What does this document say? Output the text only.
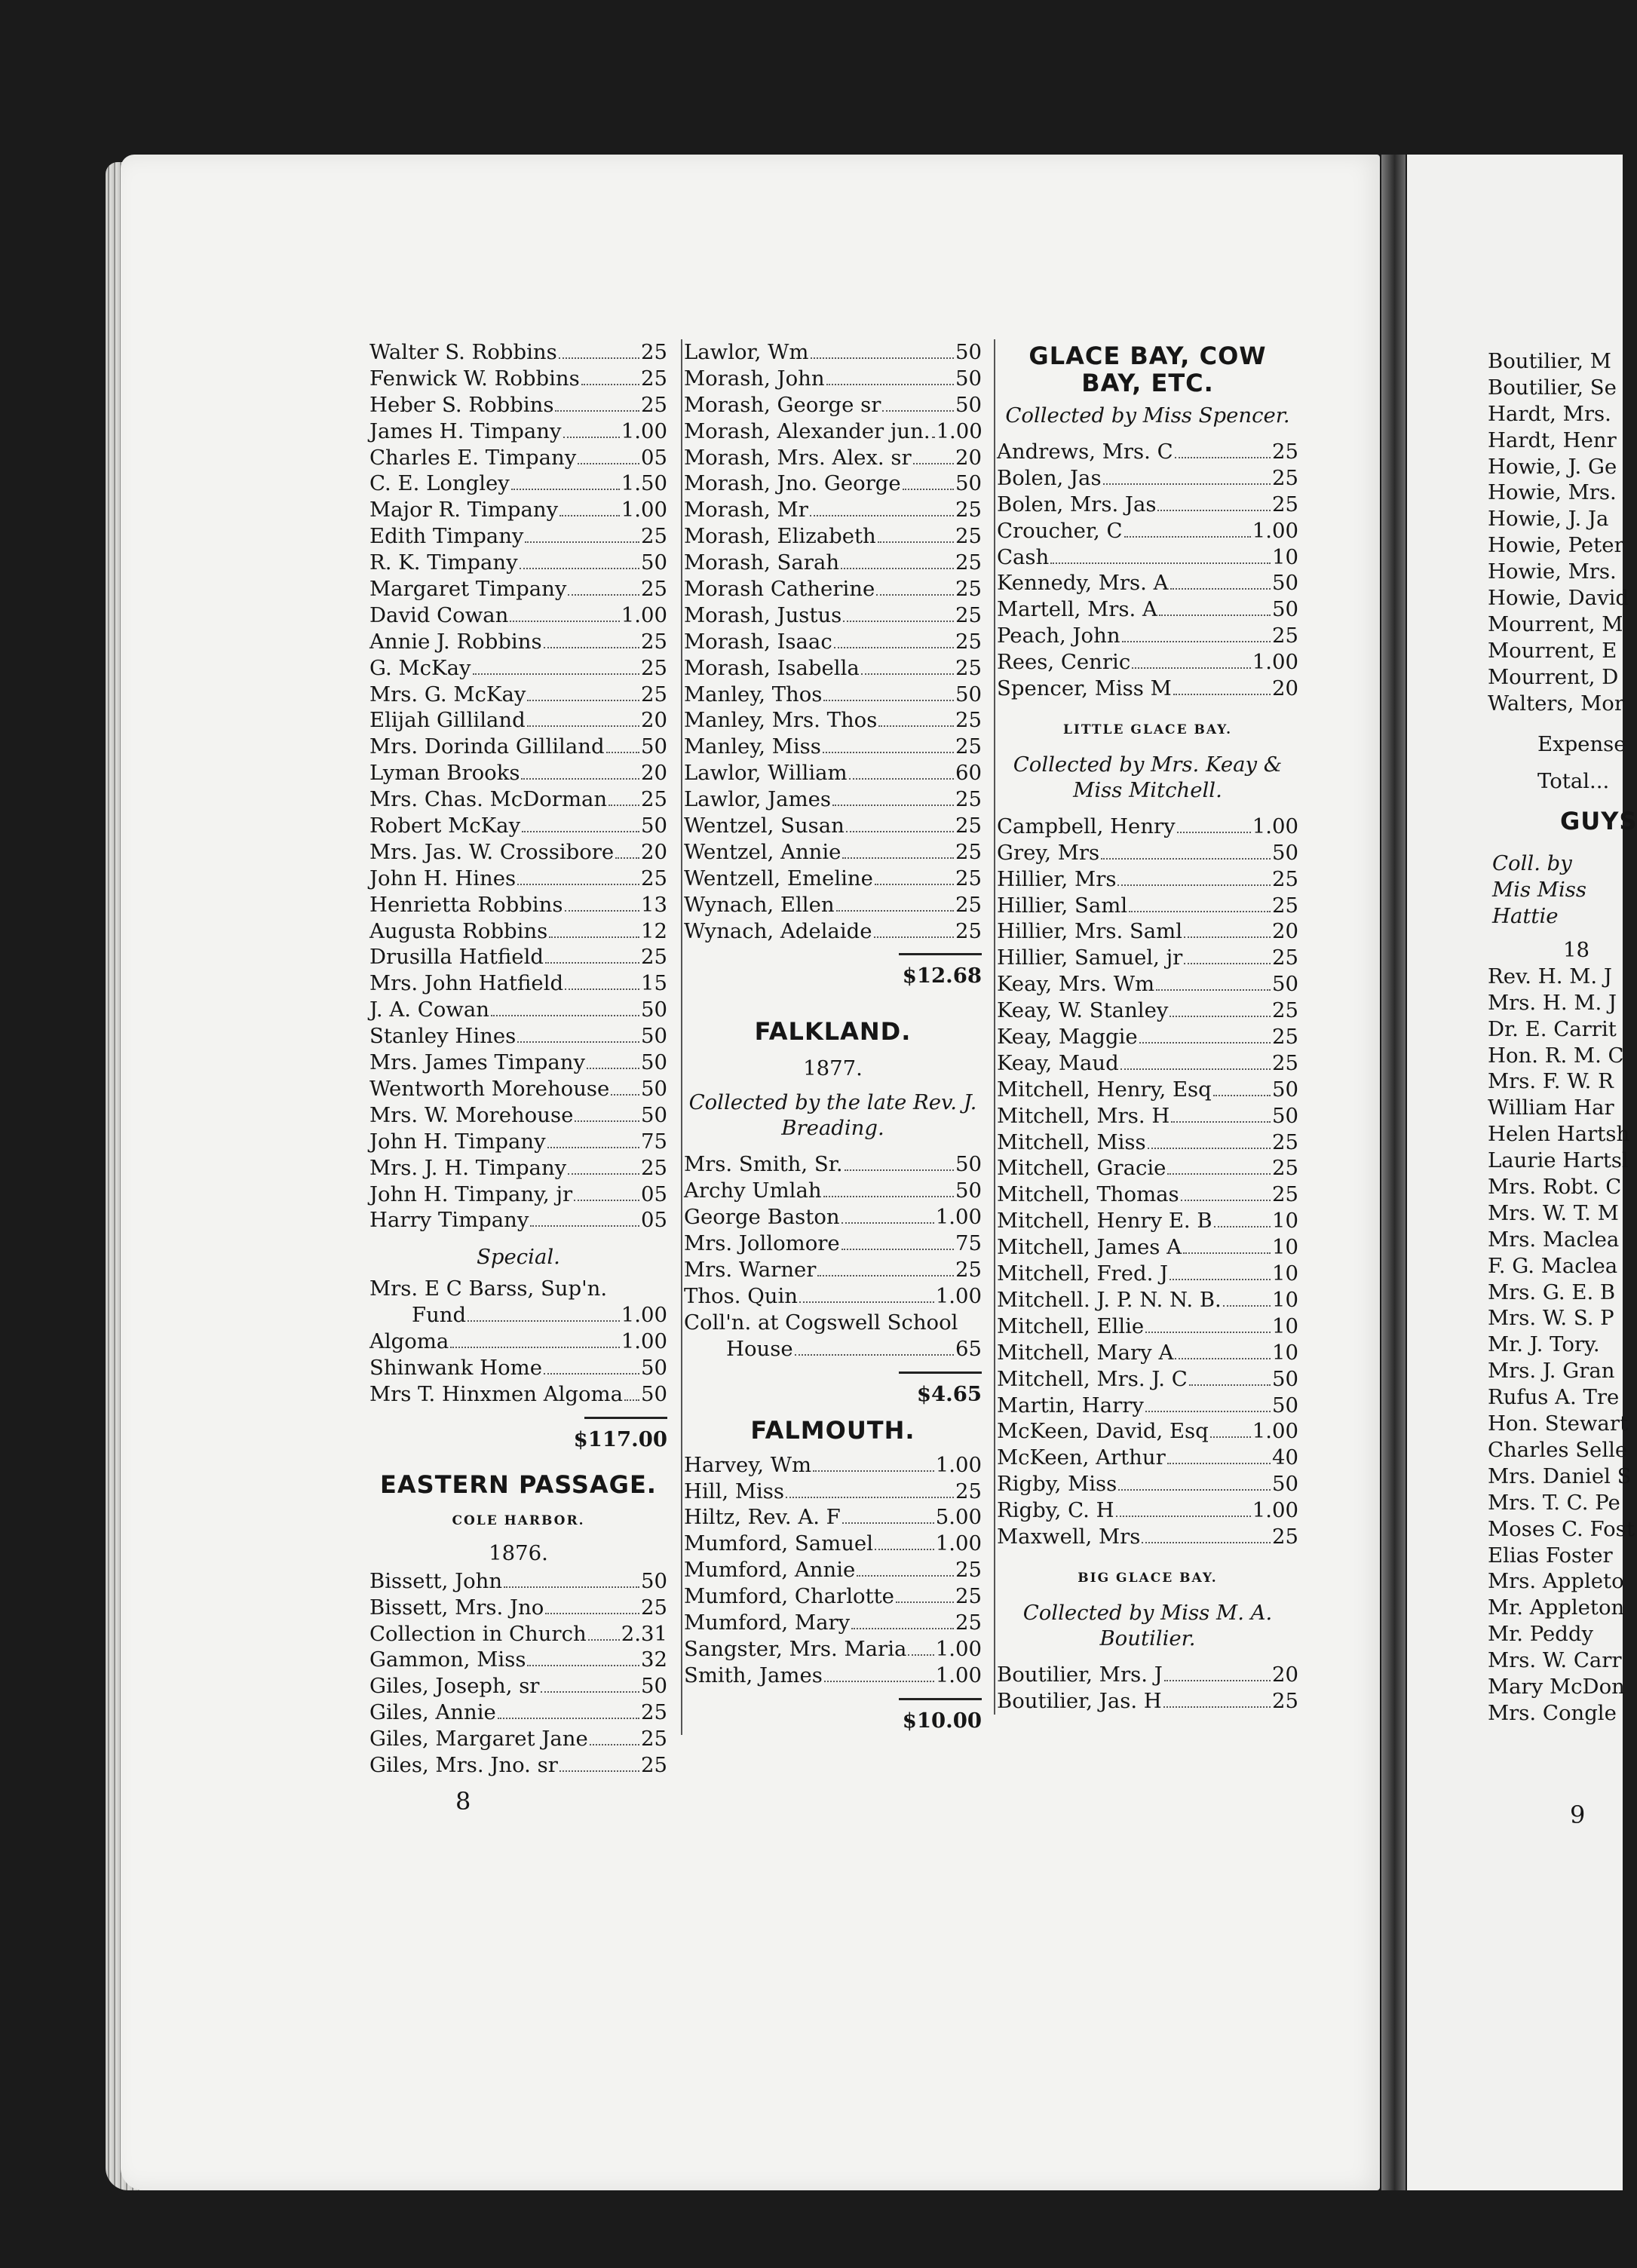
Walter S. Robbins	25
Fenwick W. Robbins	25
Heber S. Robbins	25
James H. Timpany	1.00
Charles E. Timpany	05
C. E. Longley	1.50
Major R. Timpany	1.00
Edith Timpany	25
R. K. Timpany	50
Margaret Timpany	25
David Cowan	1.00
Annie J. Robbins	25
G. McKay	25
Mrs. G. McKay	25
Elijah Gilliland	20
Mrs. Dorinda Gilliland 50
Lyman Brooks	20
Mrs. Chas. McDorman 25
Robert McKay	50
Mrs. Jas. W. Crossibore 20
John H. Hines	25
Henrietta Robbins	13
Augusta Robbins	12
Drusilla Hatfield	25
Mrs. John Hatfield	15
J. A. Cowan	50
Stanley Hines	50
Mrs. James Timpany	50
Wentworth Morehouse 50
Mrs. W. Morehouse	50
John H. Timpany	75
Mrs. J. H. Timpany	25
John H. Timpany, jr	05
Harry Timpany	05
Special.
Mrs. E C Barss, Sup'n.
Fund	1.00
Algoma	1.00
Shinwank Home	50
Mrs T. Hinxmen Algoma 50
$117.00
EASTERN PASSAGE.
COLE HARBOR.
1876.
Bissett, John	50
Bissett, Mrs. Jno	25
Collection in Church 2.31
Gammon, Miss	32
Giles, Joseph, sr	50
Giles, Annie	25
Giles, Margaret Jane	25
Giles, Mrs. Jno. sr	25
Lawlor, Wm	50
Morash, John	50
Morash, George sr	50
Morash, Alexander jun. 1.00
Morash, Mrs. Alex. sr 20
Morash, Jno. George	50
Morash, Mr	25
Morash, Elizabeth	25
Morash, Sarah	25
Morash Catherine	25
Morash, Justus	25
Morash, Isaac	25
Morash, Isabella	25
Manley, Thos	50
Manley, Mrs. Thos	25
Manley, Miss	25
Lawlor, William	60
Lawlor, James	25
Wentzel, Susan	25
Wentzel, Annie	25
Wentzell, Emeline	25
Wynach, Ellen	25
Wynach, Adelaide	25
$12.68
FALKLAND.
1877.
Collected by the late Rev. J. Breading.
Mrs. Smith, Sr.	50
Archy Umlah	50
George Baston	1.00
Mrs. Jollomore	75
Mrs. Warner	25
Thos. Quin	1.00
Coll'n. at Cogswell School
House	65
$4.65
FALMOUTH.
Harvey, Wm	1.00
Hill, Miss	25
Hiltz, Rev. A. F	5.00
Mumford, Samuel	1.00
Mumford, Annie	25
Mumford, Charlotte	25
Mumford, Mary	25
Sangster, Mrs. Maria 1.00
Smith, James	1.00
$10.00
GLACE BAY, COW BAY, ETC.
Collected by Miss Spencer.
Andrews, Mrs. C	25
Bolen, Jas	25
Bolen, Mrs. Jas	25
Croucher, C	1.00
Cash	10
Kennedy, Mrs. A	50
Martell, Mrs. A	50
Peach, John	25
Rees, Cenric	1.00
Spencer, Miss M	20
LITTLE GLACE BAY.
Collected by Mrs. Keay & Miss Mitchell.
Campbell, Henry	1.00
Grey, Mrs	50
Hillier, Mrs	25
Hillier, Saml	25
Hillier, Mrs. Saml	20
Hillier, Samuel, jr	25
Keay, Mrs. Wm	50
Keay, W. Stanley	25
Keay, Maggie	25
Keay, Maud	25
Mitchell, Henry, Esq	50
Mitchell, Mrs. H	50
Mitchell, Miss	25
Mitchell, Gracie	25
Mitchell, Thomas	25
Mitchell, Henry E. B	10
Mitchell, James A	10
Mitchell, Fred. J	10
Mitchell. J. P. N. N. B. 10
Mitchell, Ellie	10
Mitchell, Mary A	10
Mitchell, Mrs. J. C	50
Martin, Harry	50
McKeen, David, Esq 1.00
McKeen, Arthur	40
Rigby, Miss	50
Rigby, C. H	1.00
Maxwell, Mrs	25
BIG GLACE BAY.
Collected by Miss M. A. Boutilier.
Boutilier, Mrs. J	20
Boutilier, Jas. H	25
Boutilier, M
Boutilier, Se
Hardt, Mrs.
Hardt, Henr
Howie, J. Ge
Howie, Mrs.
Howie, J. Ja
Howie, Peter
Howie, Mrs.
Howie, David
Mourrent, M
Mourrent, E
Mourrent, D
Walters, Mor
Expense
Total...
GUYS
Coll. by Mis Miss Hattie
18
Rev. H. M. J
Mrs. H. M. J
Dr. E. Carrit
Hon. R. M. C
Mrs. F. W. R
William Har
Helen Hartsh
Laurie Hartsl
Mrs. Robt. C
Mrs. W. T. M
Mrs. Maclea
F. G. Maclea
Mrs. G. E. B
Mrs. W. S. P
Mr. J. Tory.
Mrs. J. Gran
Rufus A. Tre
Hon. Stewart
Charles Selle
Mrs. Daniel S
Mrs. T. C. Pe
Moses C. Fost
Elias Foster
Mrs. Appleto
Mr. Appleton
Mr. Peddy
Mrs. W. Carr
Mary McDon
Mrs. Congle
8	9
